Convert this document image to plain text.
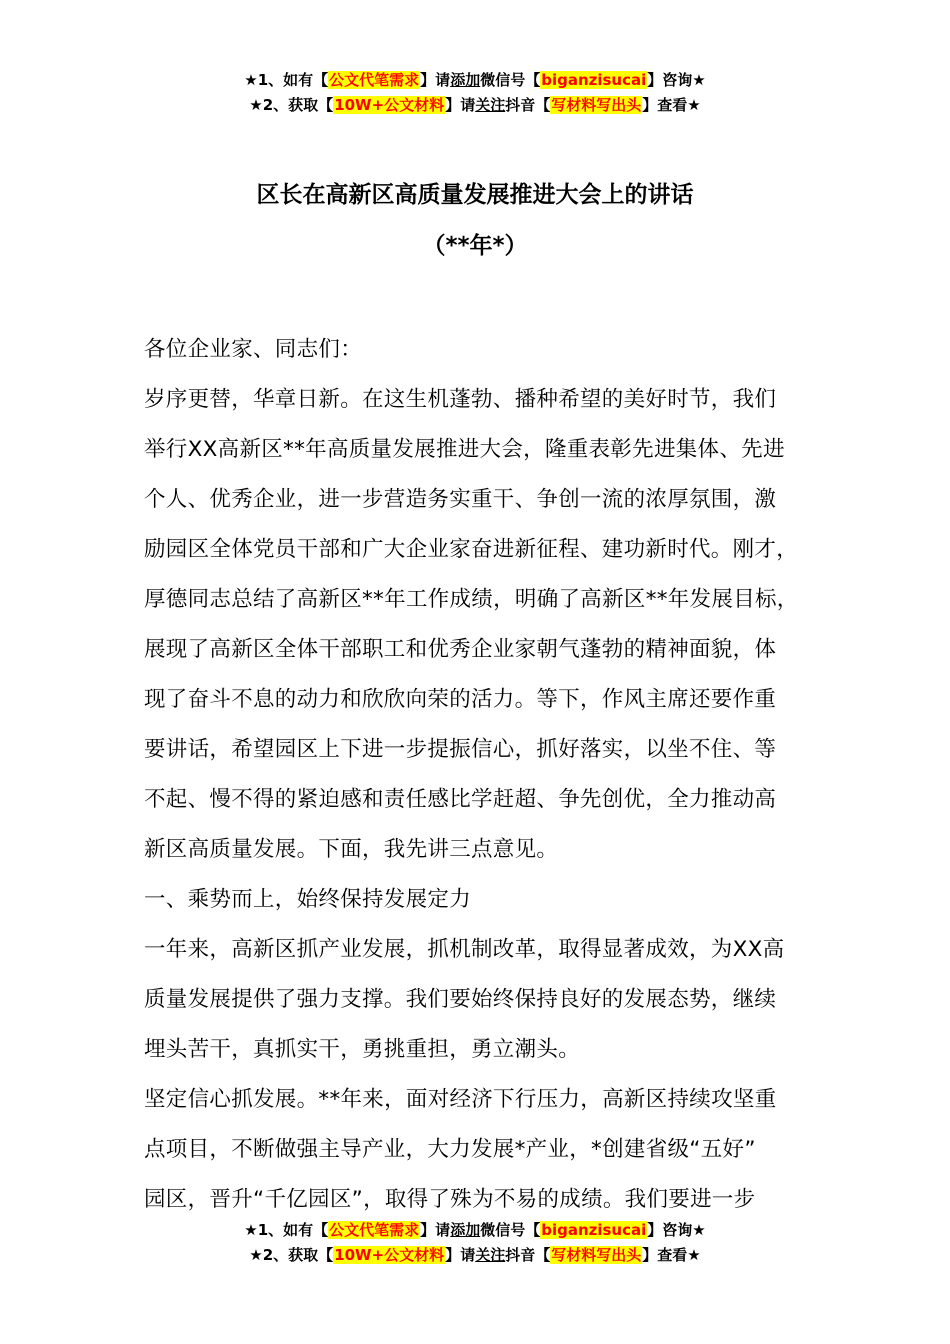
★1、如有【公文代笔需求】请添加微信号【biganzisucai】咨询★
★2、获取【10W+公文材料】请关注抖音【写材料写出头】查看★
区长在高新区高质量发展推进大会上的讲话
（**年*）

各位企业家、同志们：

岁序更替，华章日新。在这生机蓬勃、播种希望的美好时节，我们

举行XX高新区**年高质量发展推进大会，隆重表彰先进集体、先进

个人、优秀企业，进一步营造务实重干、争创一流的浓厚氛围，激

励园区全体党员干部和广大企业家奋进新征程、建功新时代。刚才，

厚德同志总结了高新区**年工作成绩，明确了高新区**年发展目标，

展现了高新区全体干部职工和优秀企业家朝气蓬勃的精神面貌，体

现了奋斗不息的动力和欣欣向荣的活力。等下，作风主席还要作重

要讲话，希望园区上下进一步提振信心，抓好落实，以坐不住、等

不起、慢不得的紧迫感和责任感比学赶超、争先创优，全力推动高

新区高质量发展。下面，我先讲三点意见。

一、乘势而上，始终保持发展定力

一年来，高新区抓产业发展，抓机制改革，取得显著成效，为XX高

质量发展提供了强力支撑。我们要始终保持良好的发展态势，继续

埋头苦干，真抓实干，勇挑重担，勇立潮头。

坚定信心抓发展。**年来，面对经济下行压力，高新区持续攻坚重

点项目，不断做强主导产业，大力发展*产业，*创建省级“五好”

园区，晋升“千亿园区”，取得了殊为不易的成绩。我们要进一步

★1、如有【公文代笔需求】请添加微信号【biganzisucai】咨询★
★2、获取【10W+公文材料】请关注抖音【写材料写出头】查看★
